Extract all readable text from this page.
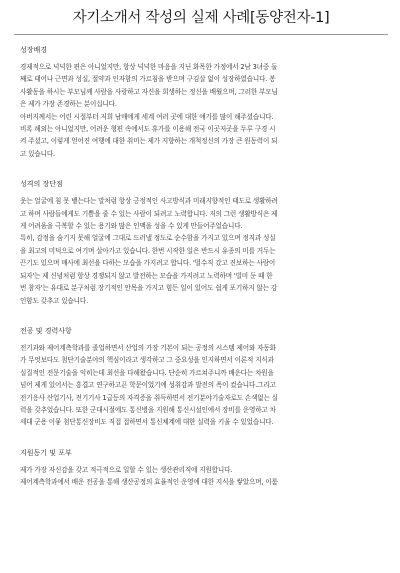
자기소개서 작성의 실제 사례[동양전자-1]
성장배경
경제적으로 넉넉한 편은 아니었지만, 항상 넉넉한 마음을 지닌 화목한 가정에서 2남 3녀중 둘
째로 태어나 근면과 성실, 절약과 인자함의 가르침을 받으며 구김살 없이 성장하였습니다. 봉
사활동을 하시는 부모님께 사람을 사랑하고 자신을 희생하는 정신을 배웠으며, 그러한 부모님
은 제가 가장 존경하는 분이십니다.
아버지께서는 어린 시절부터 저희 남매에게 세계 여러 곳에 대한 얘기를 많이 해주셨습니다.
비록 해외는 아니었지만, 어려운 형편 속에서도 휴가를 이용해 전국 이곳저곳을 두루 구경 시
켜 주셨고, 이렇게 얻어진 여행에 대한 취미는 제가 지향하는 개척정신의 가장 큰 원동력이 되
고 있습니다.
성격의 장단점
웃는 얼굴에 침 못 뱉는다는 말처럼 항상 긍정적인 사고방식과 미래지향적인 태도로 생활하려
고 하며 사람들에게도 기쁨을 줄 수 있는 사람이 되려고 노력합니다. 저의 그런 생활방식은 제
게 어려움을 극복할 수 있는 용기와 많은 인맥을 성을 수 있게 만들어주었습니다.
특히, 감정을 숨기지 못해 얼굴에 그대로 드러낼 정도로 순수함을 가지고 있으며 정직과 성실
을 최고의 미덕으로 여기며 살아가고 있습니다. 한번 시작한 일은 반드시 유종의 미를 거두는
끈기도 있으며 매사에 최선을 다하는 모습을 가지려고 합니다. '멀수직 갔고 진보하는 사람이
되자'는 제 신념처럼 항상 경쟁되지 않고 발전하는 모습을 가지려고 노력하며 '빌미 둔 때 한
번 참자'는 유대로 분구처럼 장기적인 안목을 가지고 힘든 일이 있어도 쉽게 포기하지 않는 강
인함도 갖추고 있습니다.
전공 및 경력사항
전기과와 제어계측학과를 졸업하면서 산업의 가장 기본이 되는 공정의 시스템 제어와 자동화
가 무엇보다도 첨단기술분야의 핵심이라고 생각하고 그 중요성을 인지하면서 이론적 지식과
실질적인 전문기술을 익히는데 최선을 다해왔습니다. 단순히 가르쳐주니까 배운다는 차원을
넘어 제게 있어서는 흥겹고 연구하고픈 학문이었기에 성취감과 발전의 폭이 컸습니다.그리고
전기응사 산업기사, 전기기사 1급등의 자격증을 취득하면서 전기분야기술자로도 손색없는 실
력을 갖추었습니다. 또한 군대시절에도 통신병을 지원해 통신시설인에서 장비를 운영하고 차
세대 군용 이뭏 첨단통신장비도 직접 접하면서 통신체계에 대한 실력을 키울 수 있었습니다.
지원동기 및 포부
제가 가장 자신감을 갖고 적극적으로 일할 수 있는 생산관리직에 지원합니다.
제어계측학과에서 배운 전공을 통해 생산공정의 효율적인 운영에 대한 지식을 쌓았으며, 이룸
